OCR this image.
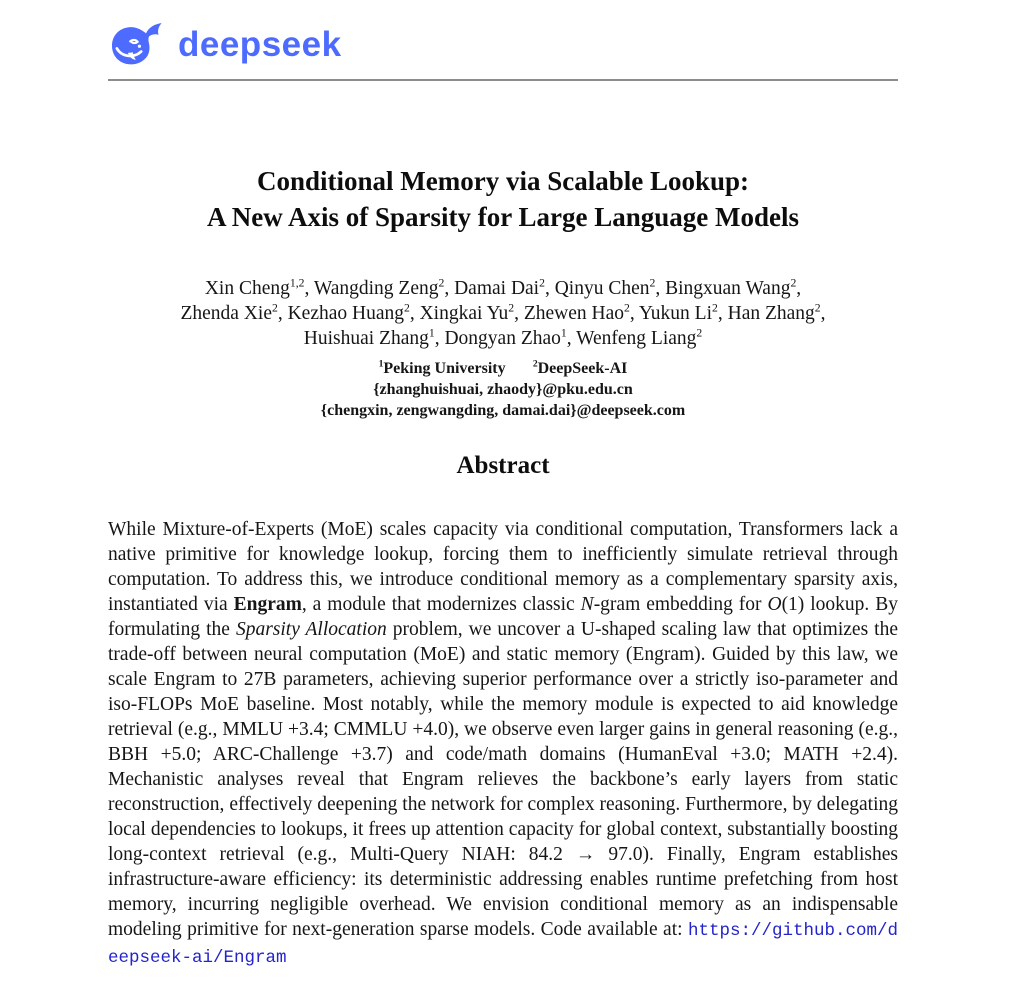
deepseek
Conditional Memory via Scalable Lookup:
A New Axis of Sparsity for Large Language Models
Xin Cheng$^{1,2}$, Wangding Zeng$^2$, Damai Dai$^2$, Qinyu Chen$^2$, Bingxuan Wang$^2$,
Zhenda Xie$^2$, Kezhao Huang$^2$, Xingkai Yu$^2$, Zhewen Hao$^2$, Yukun Li$^2$, Han Zhang$^2$,
Huishuai Zhang$^1$, Dongyan Zhao$^1$, Wenfeng Liang$^2$
$^1$Peking University	$^2$DeepSeek-AI
{zhanghuishuai, zhaody}@pku.edu.cn
{chengxin, zengwangding, damai.dai}@deepseek.com
Abstract

While Mixture-of-Experts (MoE) scales capacity via conditional computation, Transformers lack a native primitive for knowledge lookup, forcing them to inefficiently simulate retrieval through computation. To address this, we introduce conditional memory as a complementary sparsity axis, instantiated via Engram, a module that modernizes classic N-gram embedding for O(1) lookup. By formulating the Sparsity Allocation problem, we uncover a U-shaped scaling law that optimizes the trade-off between neural computation (MoE) and static memory (Engram). Guided by this law, we scale Engram to 27B parameters, achieving superior performance over a strictly iso-parameter and iso-FLOPs MoE baseline. Most notably, while the memory module is expected to aid knowledge retrieval (e.g., MMLU +3.4; CMMLU +4.0), we observe even larger gains in general reasoning (e.g., BBH +5.0; ARC-Challenge +3.7) and code/math domains (HumanEval +3.0; MATH +2.4). Mechanistic analyses reveal that Engram relieves the backbone’s early layers from static reconstruction, effectively deepening the network for complex reasoning. Furthermore, by delegating local dependencies to lookups, it frees up attention capacity for global context, substantially boosting long-context retrieval (e.g., Multi-Query NIAH: 84.2 → 97.0). Finally, Engram establishes infrastructure-aware efficiency: its deterministic addressing enables runtime prefetching from host memory, incurring negligible overhead. We envision conditional memory as an indispensable modeling primitive for next-generation sparse models. Code available at: https://github.com/deepseek-ai/Engram
